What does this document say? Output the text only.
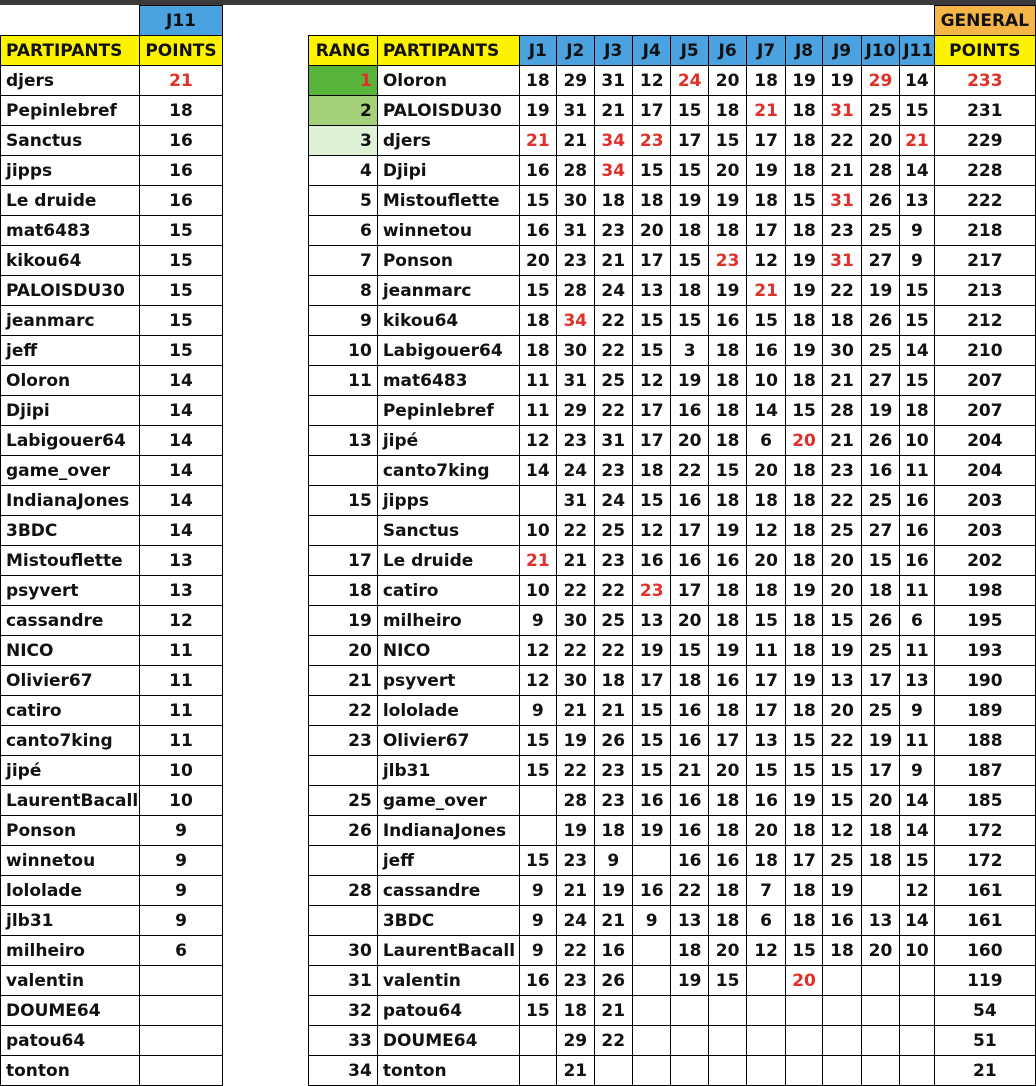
	J11
PARTIPANTS	POINTS
djers	21
Pepinlebref	18
Sanctus	16
jipps	16
Le druide	16
mat6483	15
kikou64	15
PALOISDU30	15
jeanmarc	15
jeff	15
Oloron	14
Djipi	14
Labigouer64	14
game_over	14
IndianaJones	14
3BDC	14
Mistouflette	13
psyvert	13
cassandre	12
NICO	11
Olivier67	11
catiro	11
canto7king	11
jipé	10
LaurentBacall	10
Ponson	9
winnetou	9
lololade	9
jlb31	9
milheiro	6
valentin	
DOUME64	
patou64	
tonton	
													GENERAL
RANG	PARTIPANTS	J1	J2	J3	J4	J5	J6	J7	J8	J9	J10	J11	POINTS
1	Oloron	18	29	31	12	24	20	18	19	19	29	14	233
2	PALOISDU30	19	31	21	17	15	18	21	18	31	25	15	231
3	djers	21	21	34	23	17	15	17	18	22	20	21	229
4	Djipi	16	28	34	15	15	20	19	18	21	28	14	228
5	Mistouflette	15	30	18	18	19	19	18	15	31	26	13	222
6	winnetou	16	31	23	20	18	18	17	18	23	25	9	218
7	Ponson	20	23	21	17	15	23	12	19	31	27	9	217
8	jeanmarc	15	28	24	13	18	19	21	19	22	19	15	213
9	kikou64	18	34	22	15	15	16	15	18	18	26	15	212
10	Labigouer64	18	30	22	15	3	18	16	19	30	25	14	210
11	mat6483	11	31	25	12	19	18	10	18	21	27	15	207
	Pepinlebref	11	29	22	17	16	18	14	15	28	19	18	207
13	jipé	12	23	31	17	20	18	6	20	21	26	10	204
	canto7king	14	24	23	18	22	15	20	18	23	16	11	204
15	jipps		31	24	15	16	18	18	18	22	25	16	203
	Sanctus	10	22	25	12	17	19	12	18	25	27	16	203
17	Le druide	21	21	23	16	16	16	20	18	20	15	16	202
18	catiro	10	22	22	23	17	18	18	19	20	18	11	198
19	milheiro	9	30	25	13	20	18	15	18	15	26	6	195
20	NICO	12	22	22	19	15	19	11	18	19	25	11	193
21	psyvert	12	30	18	17	18	16	17	19	13	17	13	190
22	lololade	9	21	21	15	16	18	17	18	20	25	9	189
23	Olivier67	15	19	26	15	16	17	13	15	22	19	11	188
	jlb31	15	22	23	15	21	20	15	15	15	17	9	187
25	game_over		28	23	16	16	18	16	19	15	20	14	185
26	IndianaJones		19	18	19	16	18	20	18	12	18	14	172
	jeff	15	23	9		16	16	18	17	25	18	15	172
28	cassandre	9	21	19	16	22	18	7	18	19		12	161
	3BDC	9	24	21	9	13	18	6	18	16	13	14	161
30	LaurentBacall	9	22	16		18	20	12	15	18	20	10	160
31	valentin	16	23	26		19	15		20				119
32	patou64	15	18	21									54
33	DOUME64		29	22									51
34	tonton		21										21
